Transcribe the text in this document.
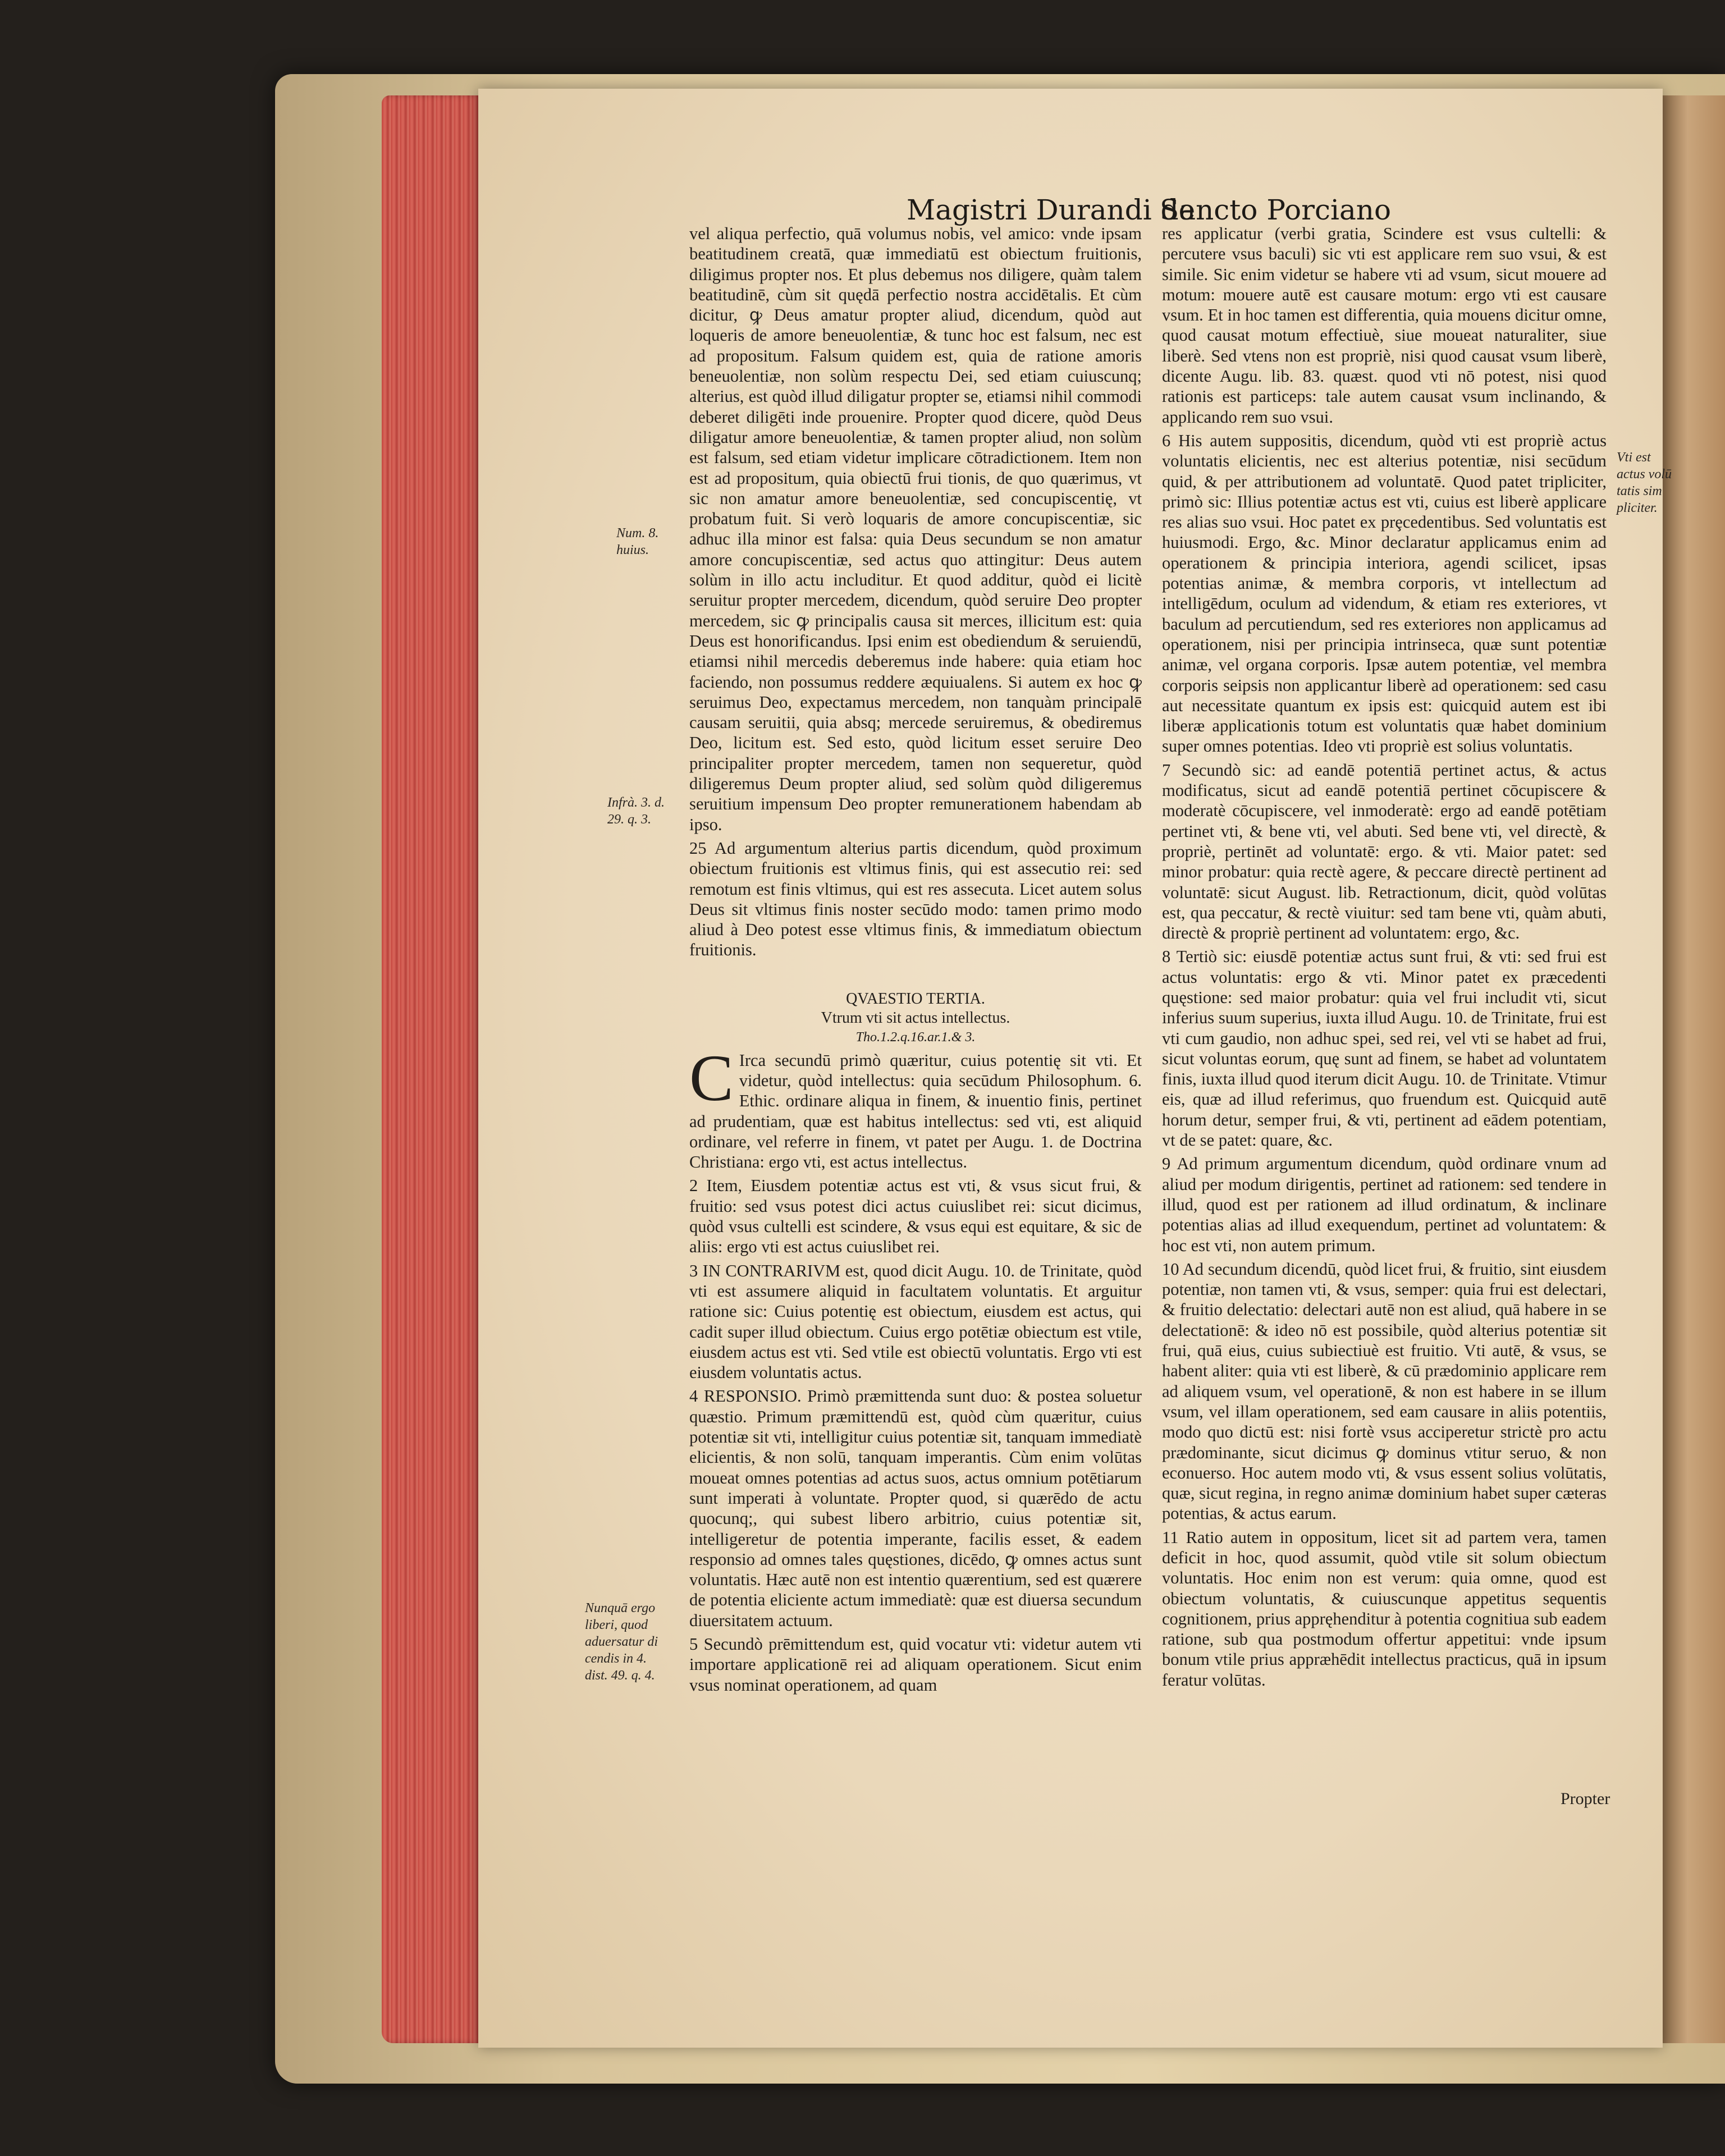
Magistri Durandi de
Sancto Porciano

vel aliqua perfectio, quā volumus nobis, vel amico: vnde ipsam beatitudinem creatā, quæ immediatū est obiectum fruitionis, diligimus propter nos. Et plus debemus nos diligere, quàm talem beatitudinē, cùm sit quędā perfectio nostra accidētalis. Et cùm dicitur, ꝙ Deus amatur propter aliud, dicendum, quòd aut loqueris de amore beneuolentiæ, & tunc hoc est falsum, nec est ad propositum. Falsum quidem est, quia de ratione amoris beneuolentiæ, non solùm respectu Dei, sed etiam cuiuscunq; alterius, est quòd illud diligatur propter se, etiamsi nihil commodi deberet diligēti inde prouenire. Propter quod dicere, quòd Deus diligatur amore beneuolentiæ, & tamen propter aliud, non solùm est falsum, sed etiam videtur implicare cōtradictionem. Item non est ad propositum, quia obiectū frui tionis, de quo quærimus, vt sic non amatur amore beneuolentiæ, sed concupiscentię, vt probatum fuit. Si verò loquaris de amore concupiscentiæ, sic adhuc illa minor est falsa: quia Deus secundum se non amatur amore concupiscentiæ, sed actus quo attingitur: Deus autem solùm in illo actu includitur. Et quod additur, quòd ei licitè seruitur propter mercedem, dicendum, quòd seruire Deo propter mercedem, sic ꝙ principalis causa sit merces, illicitum est: quia Deus est honorificandus. Ipsi enim est obediendum & seruiendū, etiamsi nihil mercedis deberemus inde habere: quia etiam hoc faciendo, non possumus reddere æquiualens. Si autem ex hoc ꝙ seruimus Deo, expectamus mercedem, non tanquàm principalē causam seruitii, quia absq; mercede seruiremus, & obediremus Deo, licitum est. Sed esto, quòd licitum esset seruire Deo principaliter propter mercedem, tamen non sequeretur, quòd diligeremus Deum propter aliud, sed solùm quòd diligeremus seruitium impensum Deo propter remunerationem habendam ab ipso.

25 Ad argumentum alterius partis dicendum, quòd proximum obiectum fruitionis est vltimus finis, qui est assecutio rei: sed remotum est finis vltimus, qui est res assecuta. Licet autem solus Deus sit vltimus finis noster secūdo modo: tamen primo modo aliud à Deo potest esse vltimus finis, & immediatum obiectum fruitionis.

QVAESTIO TERTIA.
Vtrum vti sit actus intellectus.
Tho.1.2.q.16.ar.1.& 3.

C Irca secundū primò quæritur, cuius potentię sit vti. Et videtur, quòd intellectus: quia secūdum Philosophum. 6. Ethic. ordinare aliqua in finem, & inuentio finis, pertinet ad prudentiam, quæ est habitus intellectus: sed vti, est aliquid ordinare, vel referre in finem, vt patet per Augu. 1. de Doctrina Christiana: ergo vti, est actus intellectus.

2 Item, Eiusdem potentiæ actus est vti, & vsus sicut frui, & fruitio: sed vsus potest dici actus cuiuslibet rei: sicut dicimus, quòd vsus cultelli est scindere, & vsus equi est equitare, & sic de aliis: ergo vti est actus cuiuslibet rei.

3 IN CONTRARIVM est, quod dicit Augu. 10. de Trinitate, quòd vti est assumere aliquid in facultatem voluntatis. Et arguitur ratione sic: Cuius potentię est obiectum, eiusdem est actus, qui cadit super illud obiectum. Cuius ergo potētiæ obiectum est vtile, eiusdem actus est vti. Sed vtile est obiectū voluntatis. Ergo vti est eiusdem voluntatis actus.

4 RESPONSIO. Primò præmittenda sunt duo: & postea soluetur quæstio. Primum præmittendū est, quòd cùm quæritur, cuius potentiæ sit vti, intelligitur cuius potentiæ sit, tanquam immediatè elicientis, & non solū, tanquam imperantis. Cùm enim volūtas moueat omnes potentias ad actus suos, actus omnium potētiarum sunt imperati à voluntate. Propter quod, si quærēdo de actu quocunq;, qui subest libero arbitrio, cuius potentiæ sit, intelligeretur de potentia imperante, facilis esset, & eadem responsio ad omnes tales quęstiones, dicēdo, ꝙ omnes actus sunt voluntatis. Hæc autē non est intentio quærentium, sed est quærere de potentia eliciente actum immediatè: quæ est diuersa secundum diuersitatem actuum.

5 Secundò prēmittendum est, quid vocatur vti: videtur autem vti importare applicationē rei ad aliquam operationem. Sicut enim vsus nominat operationem, ad quam

res applicatur (verbi gratia, Scindere est vsus cultelli: & percutere vsus baculi) sic vti est applicare rem suo vsui, & est simile. Sic enim videtur se habere vti ad vsum, sicut mouere ad motum: mouere autē est causare motum: ergo vti est causare vsum. Et in hoc tamen est differentia, quia mouens dicitur omne, quod causat motum effectiuè, siue moueat naturaliter, siue liberè. Sed vtens non est propriè, nisi quod causat vsum liberè, dicente Augu. lib. 83. quæst. quod vti nō potest, nisi quod rationis est particeps: tale autem causat vsum inclinando, & applicando rem suo vsui.

6 His autem suppositis, dicendum, quòd vti est propriè actus voluntatis elicientis, nec est alterius potentiæ, nisi secūdum quid, & per attributionem ad voluntatē. Quod patet tripliciter, primò sic: Illius potentiæ actus est vti, cuius est liberè applicare res alias suo vsui. Hoc patet ex prȩcedentibus. Sed voluntatis est huiusmodi. Ergo, &c. Minor declaratur applicamus enim ad operationem & principia interiora, agendi scilicet, ipsas potentias animæ, & membra corporis, vt intellectum ad intelligēdum, oculum ad videndum, & etiam res exteriores, vt baculum ad percutiendum, sed res exteriores non applicamus ad operationem, nisi per principia intrinseca, quæ sunt potentiæ animæ, vel organa corporis. Ipsæ autem potentiæ, vel membra corporis seipsis non applicantur liberè ad operationem: sed casu aut necessitate quantum ex ipsis est: quicquid autem est ibi liberæ applicationis totum est voluntatis quæ habet dominium super omnes potentias. Ideo vti propriè est solius voluntatis.

7 Secundò sic: ad eandē potentiā pertinet actus, & actus modificatus, sicut ad eandē potentiā pertinet cōcupiscere & moderatè cōcupiscere, vel inmoderatè: ergo ad eandē potētiam pertinet vti, & bene vti, vel abuti. Sed bene vti, vel directè, & propriè, pertinēt ad voluntatē: ergo. & vti. Maior patet: sed minor probatur: quia rectè agere, & peccare directè pertinent ad voluntatē: sicut August. lib. Retractionum, dicit, quòd volūtas est, qua peccatur, & rectè viuitur: sed tam bene vti, quàm abuti, directè & propriè pertinent ad voluntatem: ergo, &c.

8 Tertiò sic: eiusdē potentiæ actus sunt frui, & vti: sed frui est actus voluntatis: ergo & vti. Minor patet ex præcedenti quęstione: sed maior probatur: quia vel frui includit vti, sicut inferius suum superius, iuxta illud Augu. 10. de Trinitate, frui est vti cum gaudio, non adhuc spei, sed rei, vel vti se habet ad frui, sicut voluntas eorum, quę sunt ad finem, se habet ad voluntatem finis, iuxta illud quod iterum dicit Augu. 10. de Trinitate. Vtimur eis, quæ ad illud referimus, quo fruendum est. Quicquid autē horum detur, semper frui, & vti, pertinent ad eādem potentiam, vt de se patet: quare, &c.

9 Ad primum argumentum dicendum, quòd ordinare vnum ad aliud per modum dirigentis, pertinet ad rationem: sed tendere in illud, quod est per rationem ad illud ordinatum, & inclinare potentias alias ad illud exequendum, pertinet ad voluntatem: & hoc est vti, non autem primum.

10 Ad secundum dicendū, quòd licet frui, & fruitio, sint eiusdem potentiæ, non tamen vti, & vsus, semper: quia frui est delectari, & fruitio delectatio: delectari autē non est aliud, quā habere in se delectationē: & ideo nō est possibile, quòd alterius potentiæ sit frui, quā eius, cuius subiectiuè est fruitio. Vti autē, & vsus, se habent aliter: quia vti est liberè, & cū prædominio applicare rem ad aliquem vsum, vel operationē, & non est habere in se illum vsum, vel illam operationem, sed eam causare in aliis potentiis, modo quo dictū est: nisi fortè vsus acciperetur strictè pro actu prædominante, sicut dicimus ꝙ dominus vtitur seruo, & non econuerso. Hoc autem modo vti, & vsus essent solius volūtatis, quæ, sicut regina, in regno animæ dominium habet super cæteras potentias, & actus earum.

11 Ratio autem in oppositum, licet sit ad partem vera, tamen deficit in hoc, quod assumit, quòd vtile sit solum obiectum voluntatis. Hoc enim non est verum: quia omne, quod est obiectum voluntatis, & cuiuscunque appetitus sequentis cognitionem, prius appręhenditur à potentia cognitiua sub eadem ratione, sub qua postmodum offertur appetitui: vnde ipsum bonum vtile prius appræhēdit intellectus practicus, quā in ipsum feratur volūtas.

Propter
Num. 8.
huius.
Infrà. 3. d.
29. q. 3.
Nunquā ergo
liberi, quod
aduersatur di
cendis in 4.
dist. 49. q. 4.
Vti est
actus volū
tatis sim
pliciter.
